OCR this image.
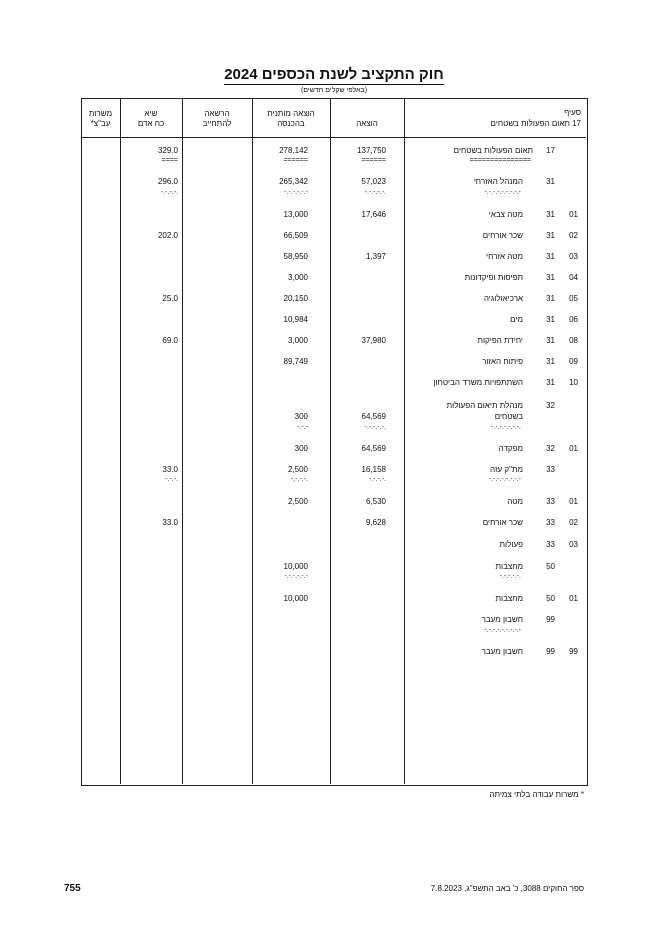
חוק התקציב לשנת הכספים 2024
(באלפי שקלים חדשים)
סעיף
17 תאום הפעולות בשטחים
הוצאה
הוצאה מותנית
בהכנסה
הרשאה
להתחייב
שיא
כח אדם
משרות
עב"צ*
17
תאום הפעולות בשטחים
===============
137,750
======
278,142
======
329.0
====
31
המנהל האזרחי
-.-.-.-.-.-.-.-.-
57,023
-.-.-.-.-.
265,342
-.-.-.-.-.-
296.0
-.-.-.-.
01
31
מטה צבאי
17,646
13,000
02
31
שכר אורחים
66,509
202.0
03
31
מטה אזרחי
1,397
58,950
04
31
תפיסות ופיקדונות
3,000
05
31
ארכיאולוגיה
20,150
25.0
06
31
מים
10,984
08
31
יחידת הפיקות
37,980
3,000
69.0
09
31
פיתוח האזור
89,749
10
31
השתתפויות משרד הביטחון
32
מנהלת תיאום הפעולות
בשטחים
-.-.-.-.-.-.-.
64,569
-.-.-.-.-.
300
-.-.-
01
32
מפקדה
64,569
300
33
מת"ק עזה
-.-.-.-.-.-.-.-
16,158
-.-.-.-.
2,500
-.-.-.-.
33.0
-.-.-.
01
33
מטה
6,530
2,500
02
33
שכר אורחים
9,628
33.0
03
33
פעולות
50
מחצבות
-.-.-.-.-.
10,000
-.-.-.-.-.-
01
50
מחצבות
10,000
99
חשבון מעבר
-.-.-.-.-.-.-.-.-
99
99
חשבון מעבר
* משרות עבודה בלתי צמיתה
755	ספר החוקים 3088, כ' באב התשפ"ג, 7.8.2023
